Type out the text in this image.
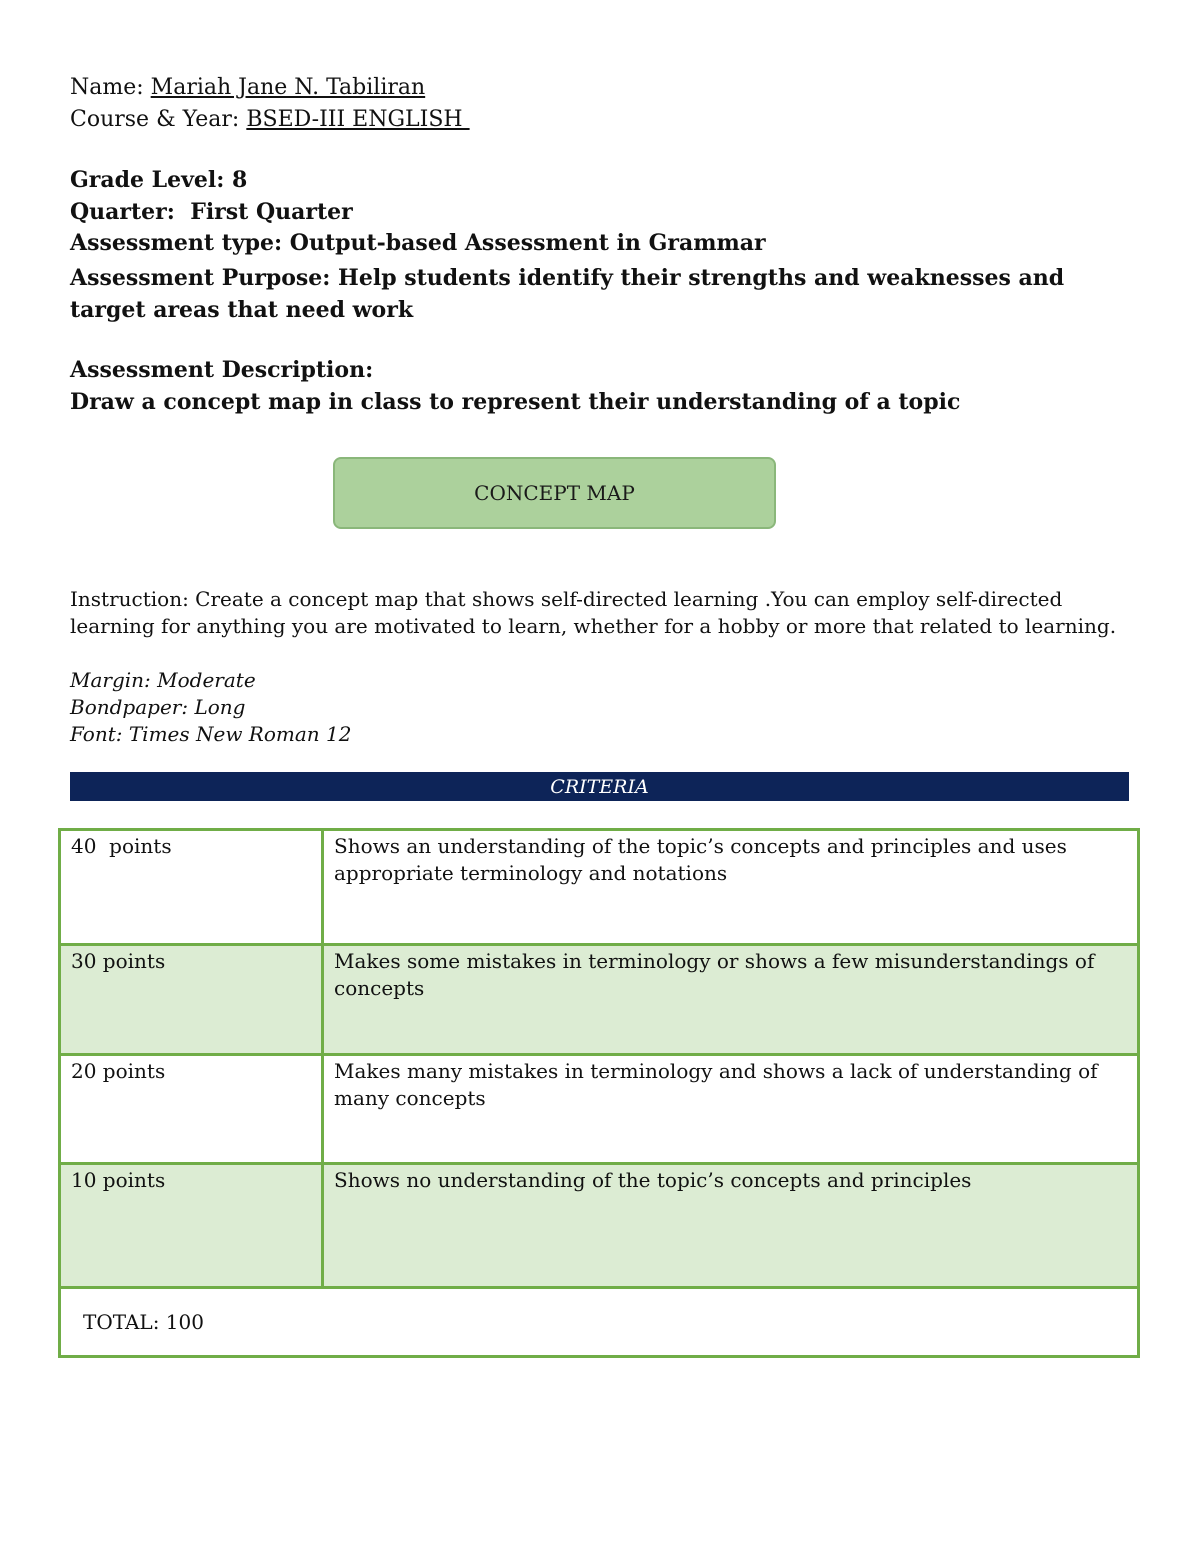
Name: Mariah Jane N. Tabiliran
Course & Year: BSED-III ENGLISH
Grade Level: 8
Quarter:  First Quarter
Assessment type: Output-based Assessment in Grammar
Assessment Purpose: Help students identify their strengths and weaknesses and target areas that need work
Assessment Description:
Draw a concept map in class to represent their understanding of a topic
CONCEPT MAP
Instruction: Create a concept map that shows self-directed learning .You can employ self-directed learning for anything you are motivated to learn, whether for a hobby or more that related to learning.
Margin: Moderate
Bondpaper: Long
Font: Times New Roman 12
CRITERIA
40  points	Shows an understanding of the topic’s concepts and principles and uses appropriate terminology and notations
30 points	Makes some mistakes in terminology or shows a few misunderstandings of concepts
20 points	Makes many mistakes in terminology and shows a lack of understanding of many concepts
10 points	Shows no understanding of the topic’s concepts and principles
TOTAL: 100	
